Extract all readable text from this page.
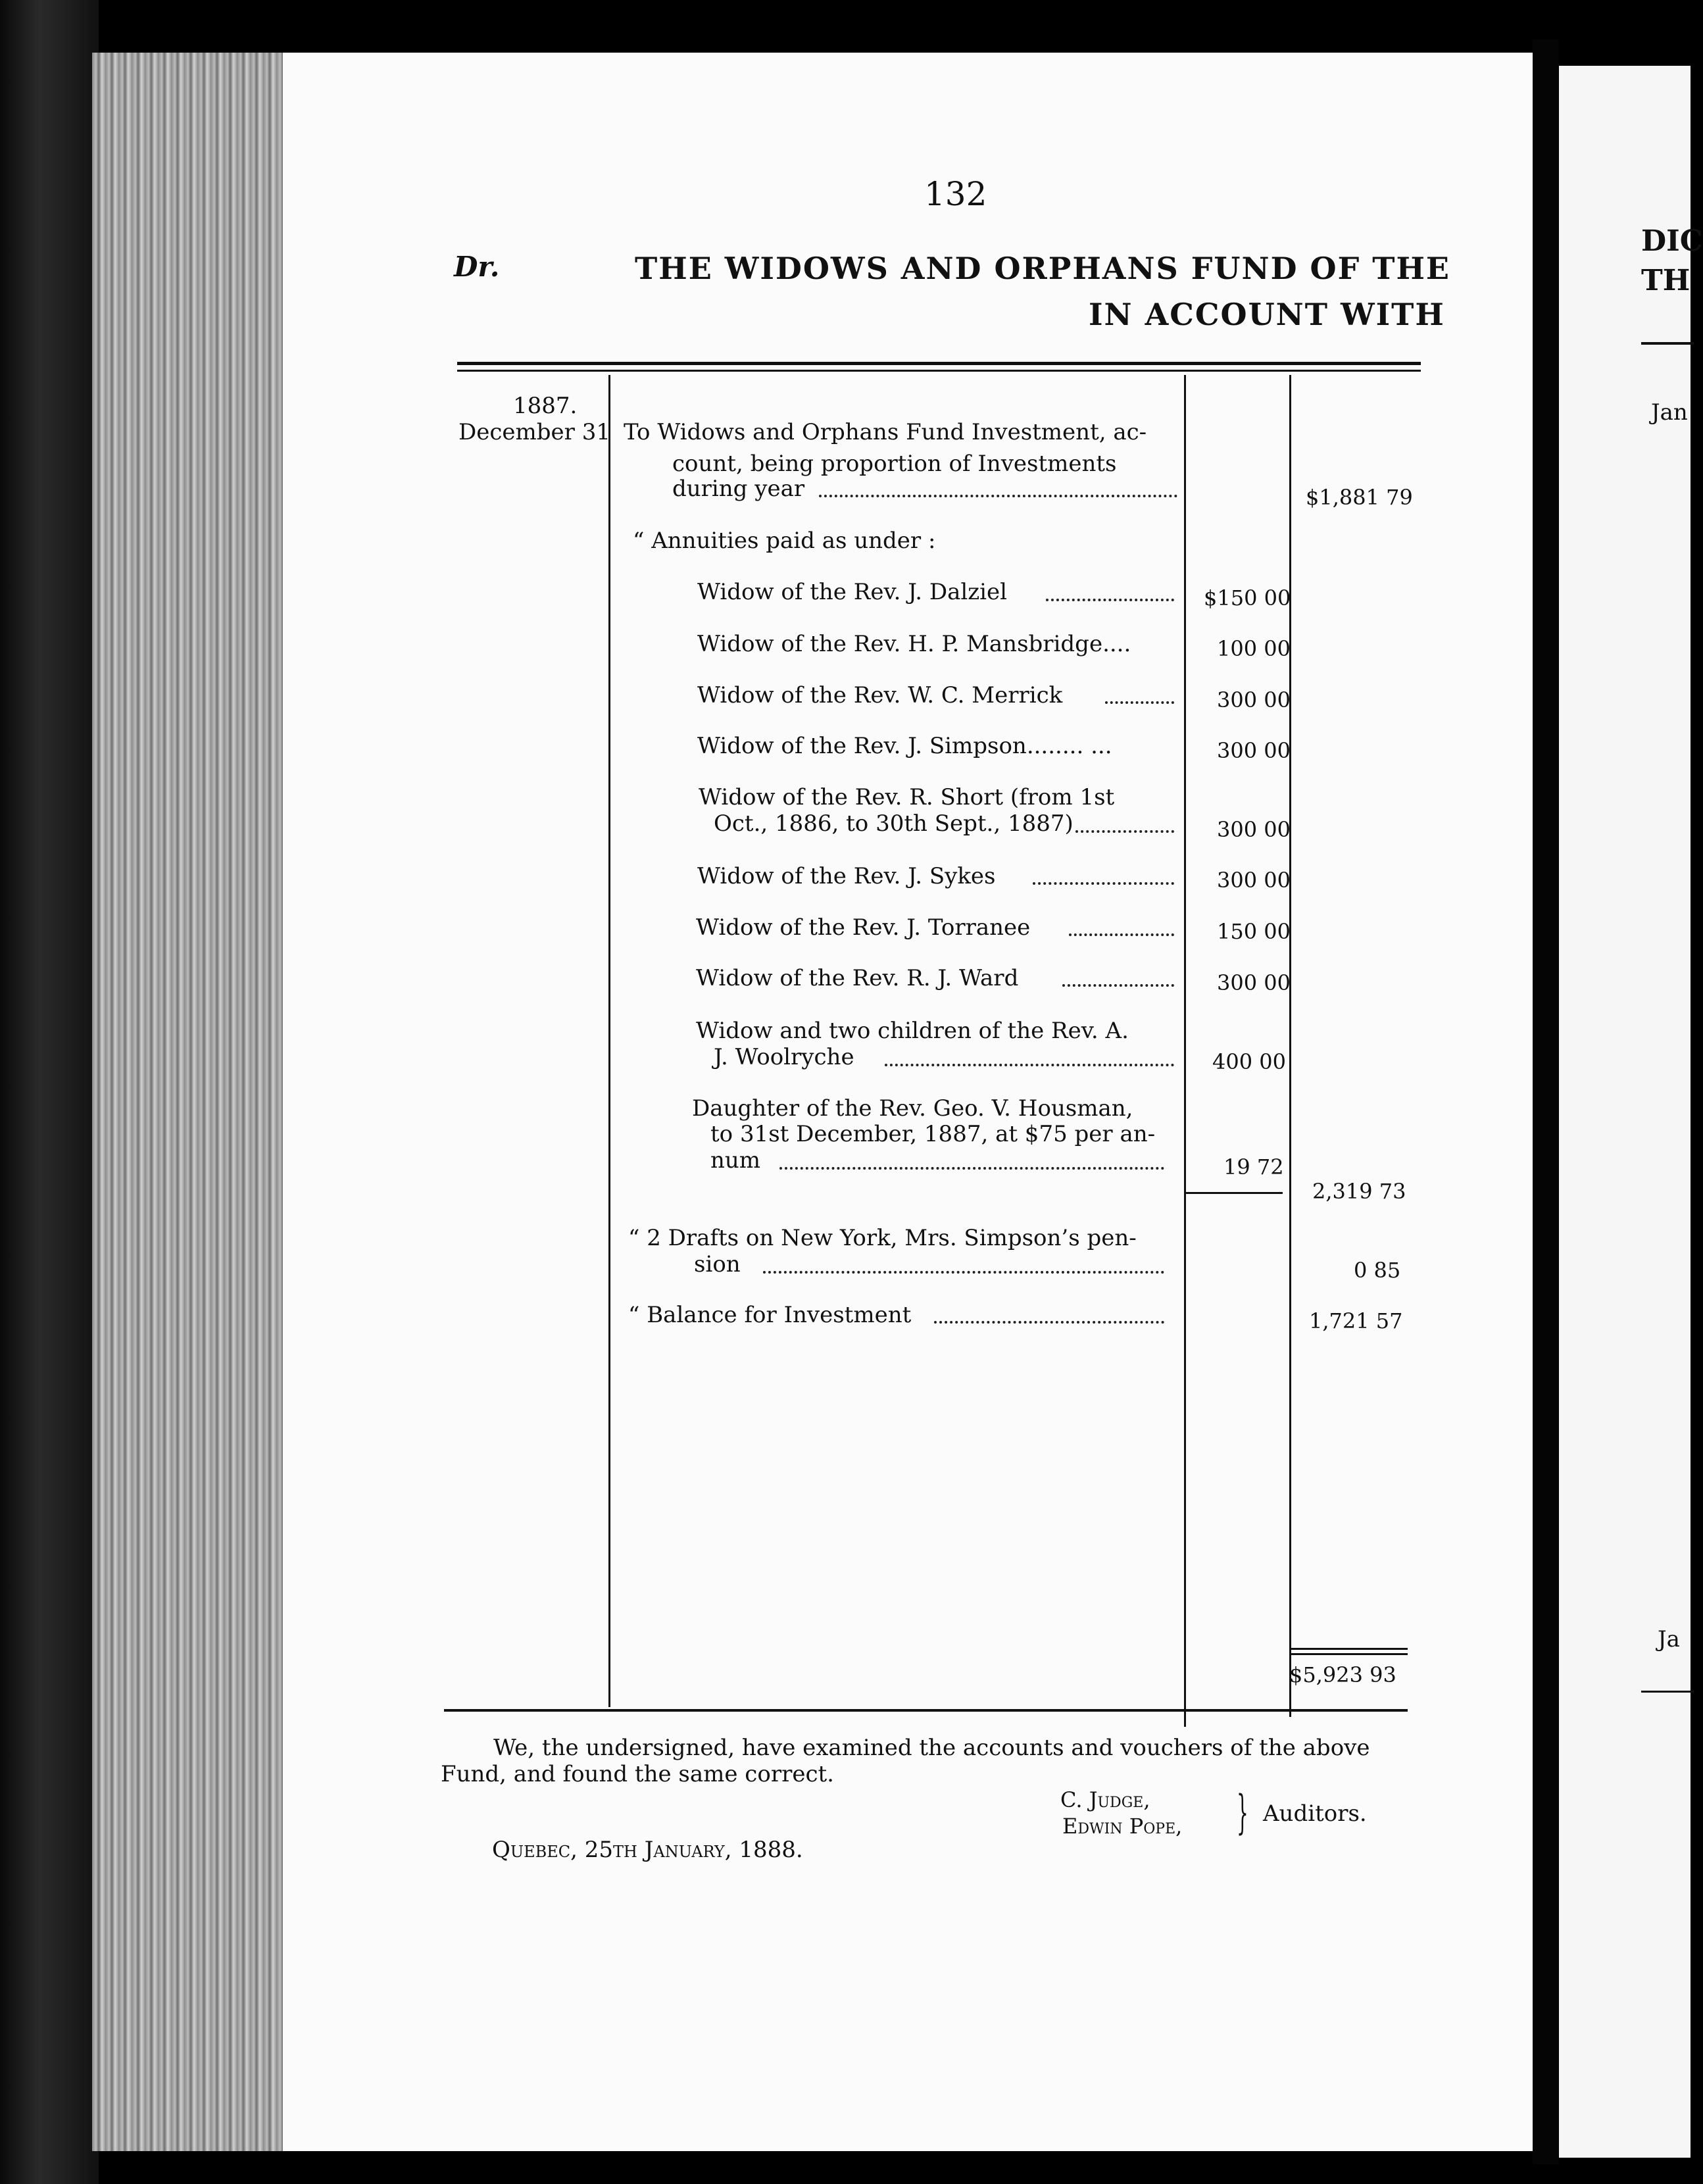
DIC
TH
Jan
Ja
132
Dr.	THE WIDOWS AND ORPHANS FUND OF THE
IN ACCOUNT WITH
1887.
December 31 To Widows and Orphans Fund Investment, ac-
count, being proportion of Investments
during year	$1,881 79
“ Annuities paid as under :
Widow of the Rev. J. Dalziel	$150 00
Widow of the Rev. H. P. Mansbridge....	100 00
Widow of the Rev. W. C. Merrick	300 00
Widow of the Rev. J. Simpson........ ...	300 00
Widow of the Rev. R. Short (from 1st
Oct., 1886, to 30th Sept., 1887)	300 00
Widow of the Rev. J. Sykes	300 00
Widow of the Rev. J. Torranee	150 00
Widow of the Rev. R. J. Ward	300 00
Widow and two children of the Rev. A.
J. Woolryche	400 00
Daughter of the Rev. Geo. V. Housman,
to 31st December, 1887, at $75 per an-
num	19 72
2,319 73
“ 2 Drafts on New York, Mrs. Simpson’s pen-
sion	0 85
“ Balance for Investment	1,721 57
$5,923 93
We, the undersigned, have examined the accounts and vouchers of the above
Fund, and found the same correct.
C. Judge,
Edwin Pope, } Auditors.
Quebec, 25th January, 1888.
